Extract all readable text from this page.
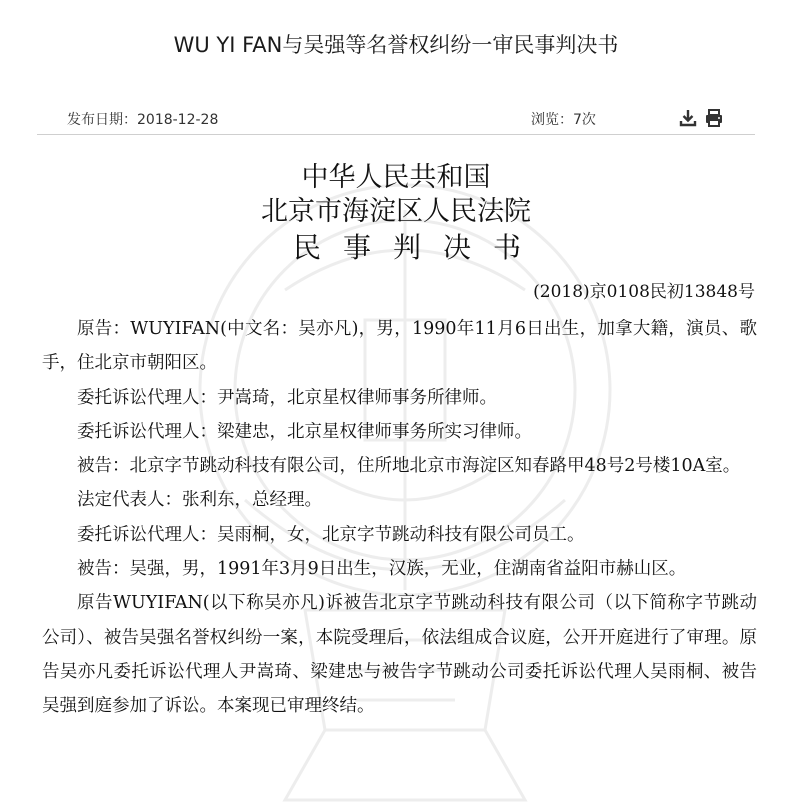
WU YI FAN与吴强等名誉权纠纷一审民事判决书
发布日期：2018-12-28	浏览：7次
中华人民共和国
北京市海淀区人民法院
民事判决书
(2018)京0108民初13848号

原告：WUYIFAN(中文名：吴亦凡)，男，1990年11月6日出生，加拿大籍，演员、歌手，住北京市朝阳区。

委托诉讼代理人：尹嵩琦，北京星权律师事务所律师。

委托诉讼代理人：梁建忠，北京星权律师事务所实习律师。

被告：北京字节跳动科技有限公司，住所地北京市海淀区知春路甲48号2号楼10A室。

法定代表人：张利东，总经理。

委托诉讼代理人：吴雨桐，女，北京字节跳动科技有限公司员工。

被告：吴强，男，1991年3月9日出生，汉族，无业，住湖南省益阳市赫山区。

原告WUYIFAN(以下称吴亦凡)诉被告北京字节跳动科技有限公司（以下简称字节跳动公司）、被告吴强名誉权纠纷一案，本院受理后，依法组成合议庭，公开开庭进行了审理。原告吴亦凡委托诉讼代理人尹嵩琦、梁建忠与被告字节跳动公司委托诉讼代理人吴雨桐、被告吴强到庭参加了诉讼。本案现已审理终结。
